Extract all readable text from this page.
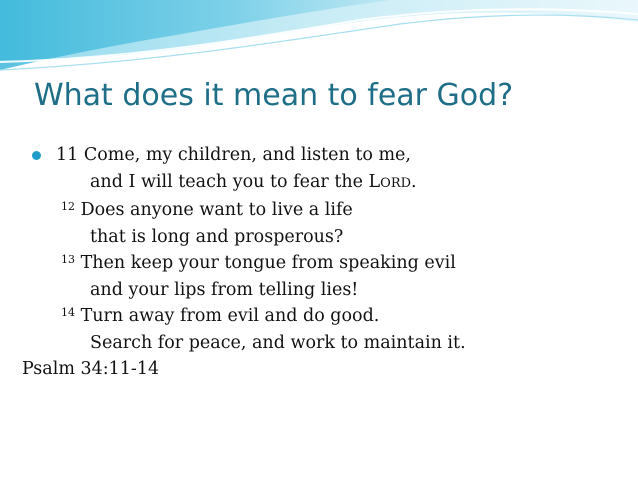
What does it mean to fear God?
11 Come, my children, and listen to me,
and I will teach you to fear the LORD.
$^{12}$ Does anyone want to live a life
that is long and prosperous?
$^{13}$ Then keep your tongue from speaking evil
and your lips from telling lies!
$^{14}$ Turn away from evil and do good.
Search for peace, and work to maintain it.
Psalm 34:11-14
